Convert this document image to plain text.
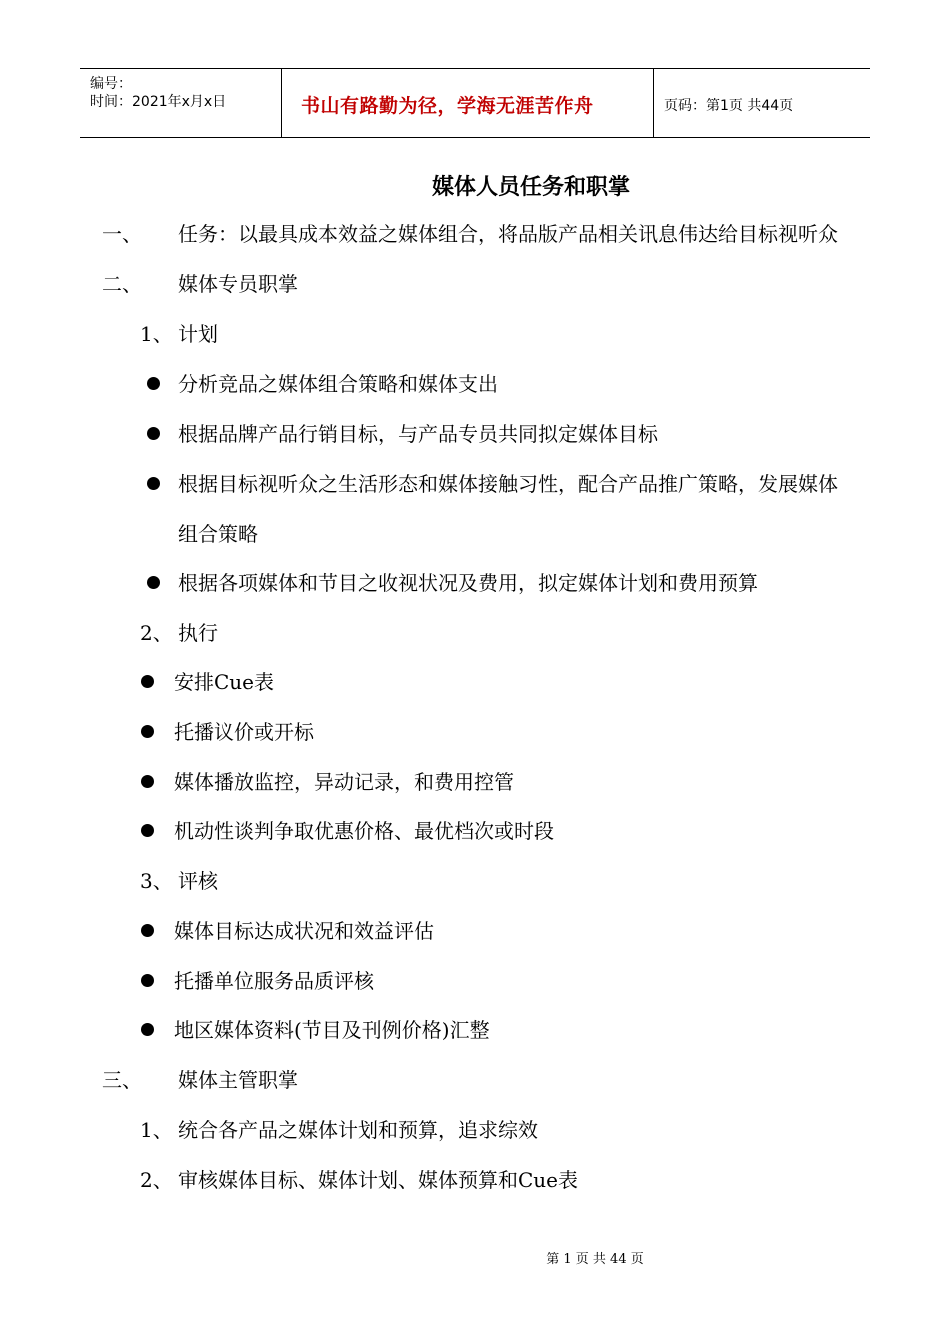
编号：
时间：2021年x月x日	书山有路勤为径，学海无涯苦作舟	页码：第1页 共44页
媒体人员任务和职掌
一、 任务：以最具成本效益之媒体组合，将品版产品相关讯息伟达给目标视听众
二、 媒体专员职掌
1、 计划
分析竞品之媒体组合策略和媒体支出
根据品牌产品行销目标，与产品专员共同拟定媒体目标
根据目标视听众之生活形态和媒体接触习性，配合产品推广策略，发展媒体
组合策略
根据各项媒体和节目之收视状况及费用，拟定媒体计划和费用预算
2、 执行
安排Cue表
托播议价或开标
媒体播放监控，异动记录，和费用控管
机动性谈判争取优惠价格、最优档次或时段
3、 评核
媒体目标达成状况和效益评估
托播单位服务品质评核
地区媒体资料(节目及刊例价格)汇整
三、 媒体主管职掌
1、 统合各产品之媒体计划和预算，追求综效
2、 审核媒体目标、媒体计划、媒体预算和Cue表
第 1 页 共 44 页
